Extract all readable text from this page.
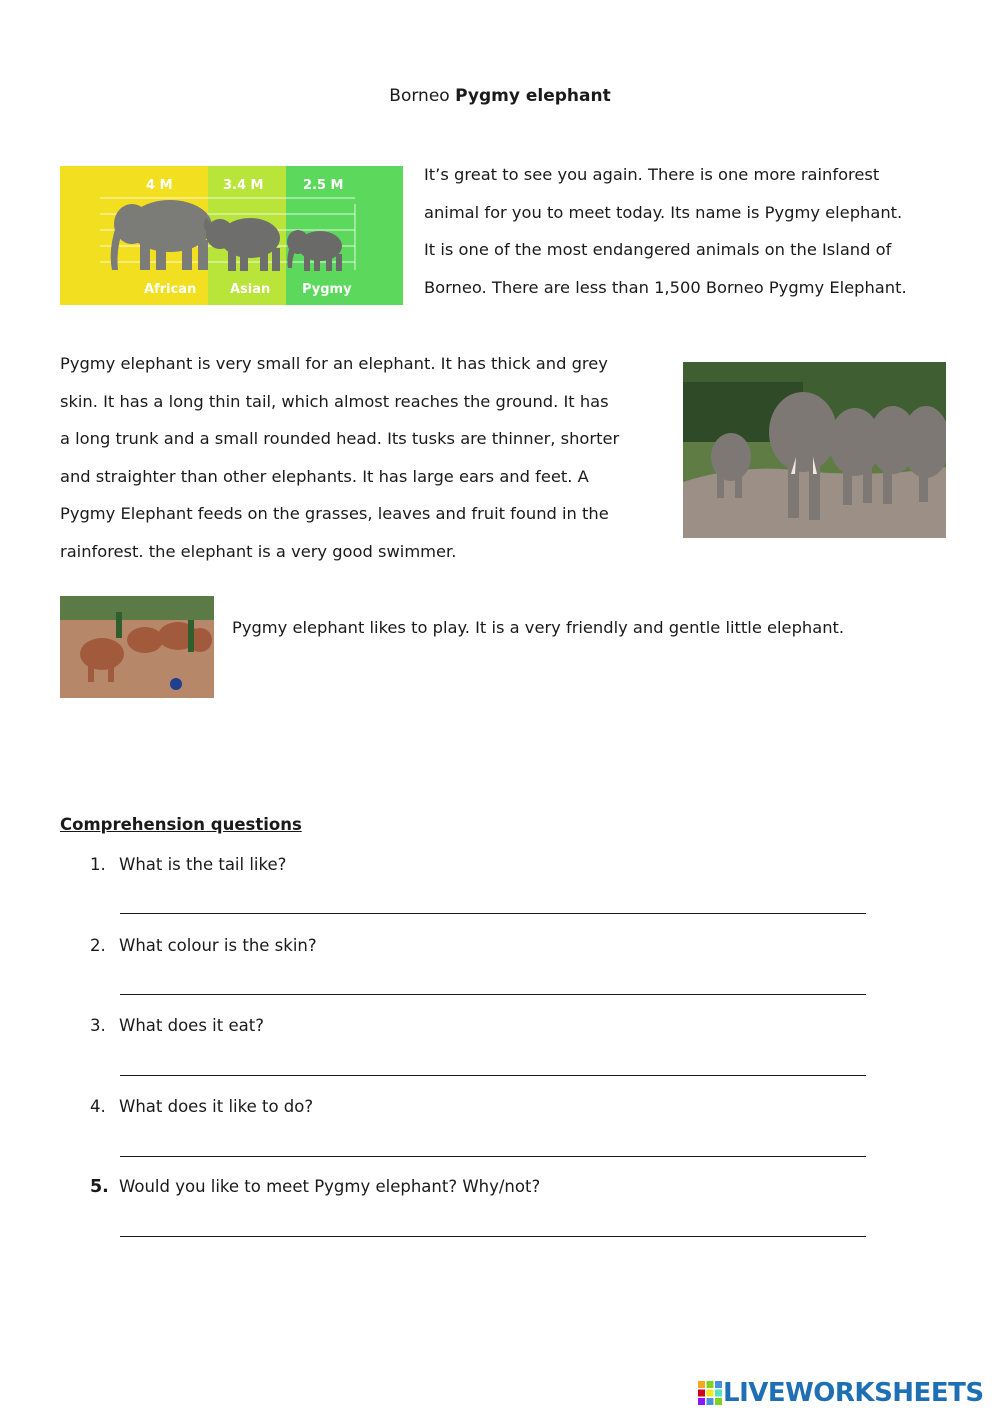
Borneo Pygmy elephant
4 M	3.4 M	2.5 M
African	Asian Pygmy
It’s great to see you again. There is one more rainforest
animal for you to meet today. Its name is Pygmy elephant.
It is one of the most endangered animals on the Island of
Borneo. There are less than 1,500 Borneo Pygmy Elephant.
Pygmy elephant is very small for an elephant. It has thick and grey
skin. It has a long thin tail, which almost reaches the ground. It has
a long trunk and a small rounded head. Its tusks are thinner, shorter
and straighter than other elephants. It has large ears and feet. A
Pygmy Elephant feeds on the grasses, leaves and fruit found in the
rainforest. the elephant is a very good swimmer.
Pygmy elephant likes to play. It is a very friendly and gentle little elephant.
Comprehension questions
1. What is the tail like?
2. What colour is the skin?
3. What does it eat?
4. What does it like to do?
5. Would you like to meet Pygmy elephant? Why/not?
LIVEWORKSHEETS
